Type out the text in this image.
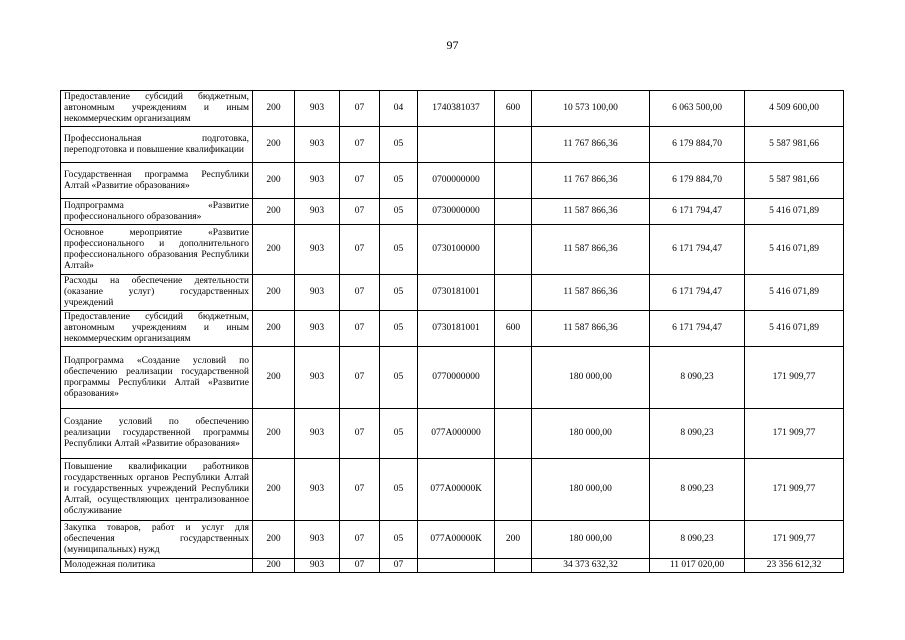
97
Предоставление субсидий бюджетным, автономным учреждениям и иным некоммерческим организациям	200	903	07	04	1740381037	600	10 573 100,00	6 063 500,00	4 509 600,00
Профессиональная подготовка, переподготовка и повышение квалификации	200	903	07	05			11 767 866,36	6 179 884,70	5 587 981,66
Государственная программа Республики Алтай «Развитие образования»	200	903	07	05	0700000000		11 767 866,36	6 179 884,70	5 587 981,66
Подпрограмма «Развитие профессионального образования»	200	903	07	05	0730000000		11 587 866,36	6 171 794,47	5 416 071,89
Основное мероприятие «Развитие профессионального и дополнительного профессионального образования Республики Алтай»	200	903	07	05	0730100000		11 587 866,36	6 171 794,47	5 416 071,89
Расходы на обеспечение деятельности (оказание услуг) государственных учреждений	200	903	07	05	0730181001		11 587 866,36	6 171 794,47	5 416 071,89
Предоставление субсидий бюджетным, автономным учреждениям и иным некоммерческим организациям	200	903	07	05	0730181001	600	11 587 866,36	6 171 794,47	5 416 071,89
Подпрограмма «Создание условий по обеспечению реализации государственной программы Республики Алтай «Развитие образования»	200	903	07	05	0770000000		180 000,00	8 090,23	171 909,77
Создание условий по обеспечению реализации государственной программы Республики Алтай «Развитие образования»	200	903	07	05	077А000000		180 000,00	8 090,23	171 909,77
Повышение квалификации работников государственных органов Республики Алтай и государственных учреждений Республики Алтай, осуществляющих централизованное обслуживание	200	903	07	05	077А00000К		180 000,00	8 090,23	171 909,77
Закупка товаров, работ и услуг для обеспечения государственных (муниципальных) нужд	200	903	07	05	077А00000К	200	180 000,00	8 090,23	171 909,77
Молодежная политика	200	903	07	07			34 373 632,32	11 017 020,00	23 356 612,32
